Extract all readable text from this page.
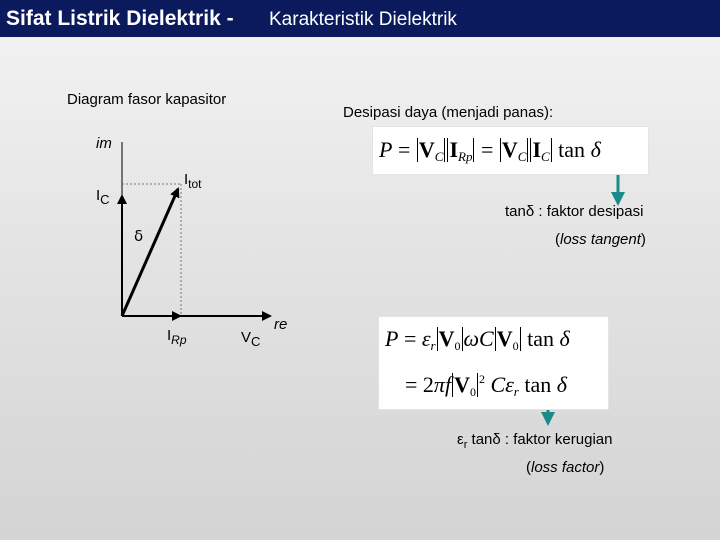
Sifat Listrik Dielektrik - Karakteristik Dielektrik
Diagram fasor kapasitor
im
$I_C$
$I_{tot}$
δ
$I_{Rp}$	$V_C$
re
Desipasi daya (menjadi panas):
$P = V_C$ $I_{Rp} = V_C$ $I_C$ tan δ
tanδ : faktor desipasi
(loss tangent)
$P = \varepsilon_r$ $V_0$ ωC $V_0$ tan δ
= 2πf $V_0^2$ $C\varepsilon_r$ tan δ
$\varepsilon_r$ tanδ : faktor kerugian
(loss factor)
